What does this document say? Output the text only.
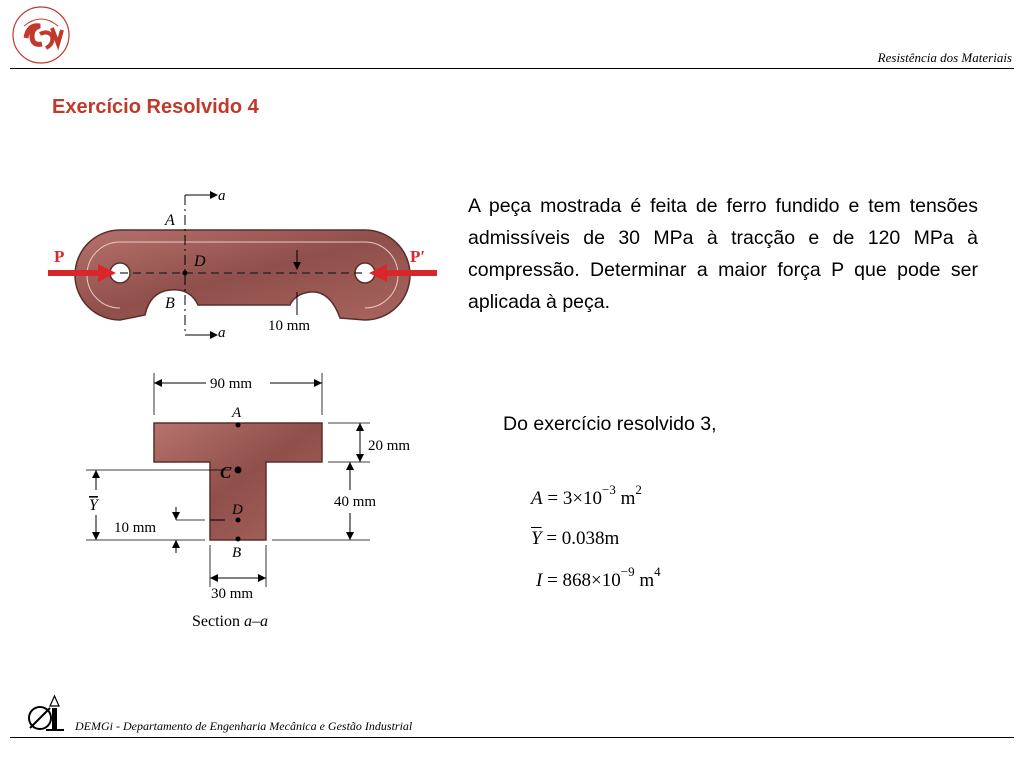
Resistência dos Materiais
Exercício Resolvido 4
a
a
A
B
D
10 mm
P	P′
90 mm
A
C
D
B
20 mm
40 mm
Y
10 mm
30 mm
Section a–a
A peça mostrada é feita de ferro fundido e tem tensões admissíveis de 30 MPa à tracção e de 120 MPa à compressão. Determinar a maior força P que pode ser aplicada à peça.
Do exercício resolvido 3,
$A = 3\times 10^{-3}$ $m^2$
$\overline{Y} = 0.038m$
$I = 868\times 10^{-9}$ $m^4$
DEMGi - Departamento de Engenharia Mecânica e Gestão Industrial
